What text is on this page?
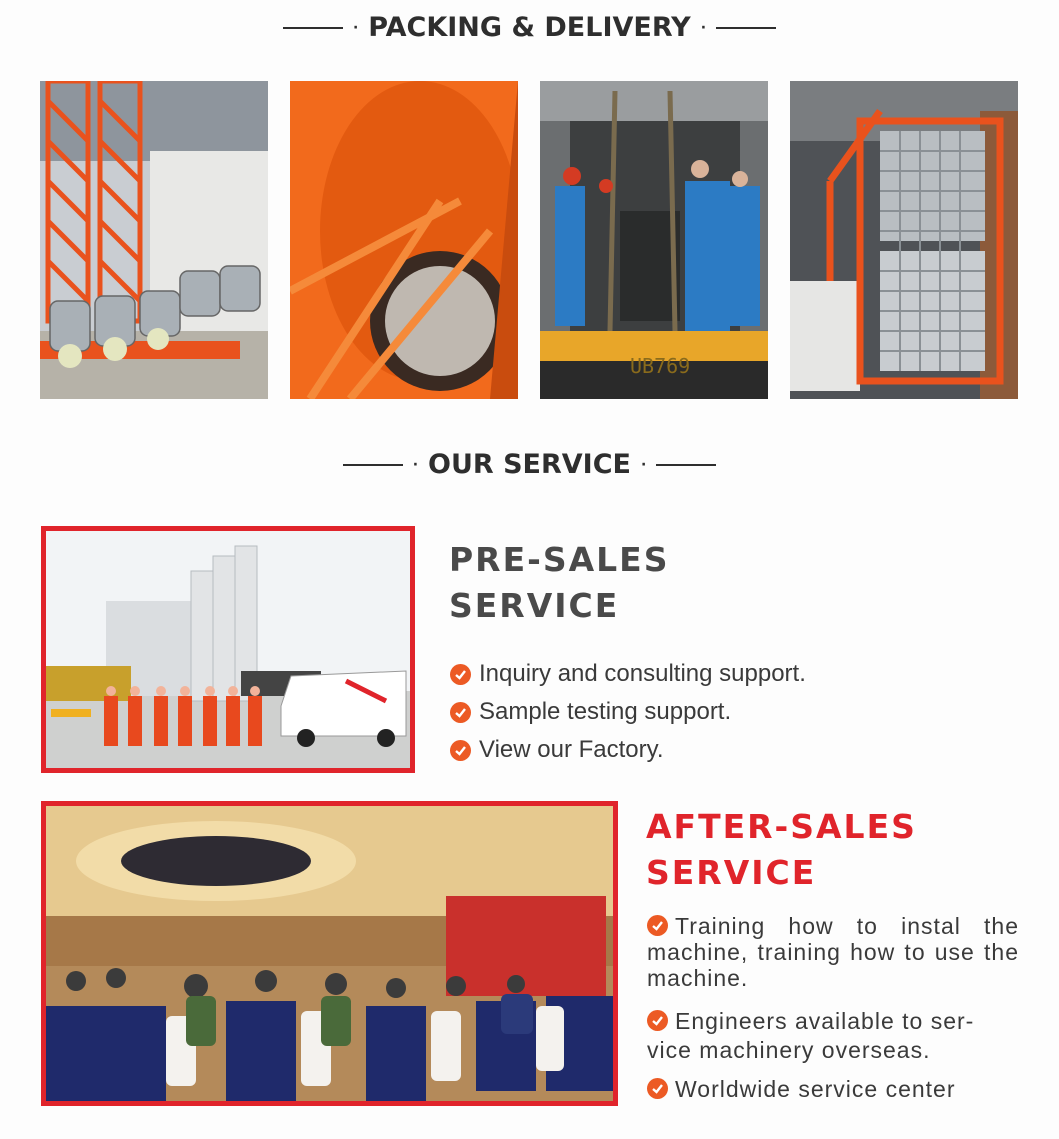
· PACKING & DELIVERY ·
UB769
· OUR SERVICE ·
PRE-SALES
SERVICE
Inquiry and consulting support.
Sample testing support.
View our Factory.
AFTER-SALES
SERVICE
Training how to instal the machine, training how to use the machine.
Engineers available to ser-vice machinery overseas.
Worldwide service center
